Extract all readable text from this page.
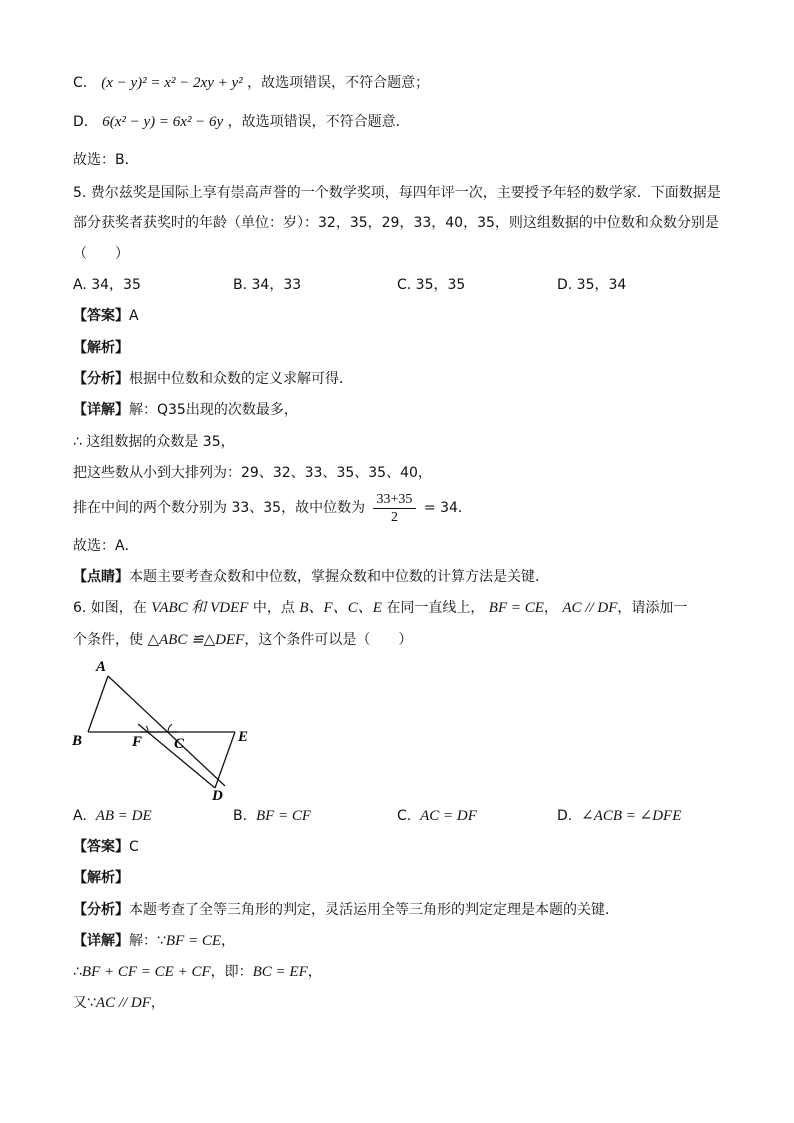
C． (x − y)² = x² − 2xy + y² ，故选项错误，不符合题意；
D． 6(x² − y) = 6x² − 6y ，故选项错误，不符合题意．
故选：B．
5. 费尔兹奖是国际上享有崇高声誉的一个数学奖项，每四年评一次，主要授予年轻的数学家．下面数据是
部分获奖者获奖时的年龄（单位：岁）：32，35，29，33，40，35，则这组数据的中位数和众数分别是
（　　）
A. 34，35	B. 34，33	C. 35，35	D. 35，34
【答案】A
【解析】
【分析】根据中位数和众数的定义求解可得．
【详解】解：Q35出现的次数最多，
∴ 这组数据的众数是 35，
把这些数从小到大排列为：29、32、33、35、35、40，
排在中间的两个数分别为 33、35，故中位数为 $\frac{33+35}{2} = 34$．
故选：A．
【点睛】本题主要考查众数和中位数，掌握众数和中位数的计算方法是关键．
6. 如图，在 VABC 和 VDEF 中，点 B、F、C、E 在同一直线上， BF = CE， AC // DF，请添加一
个条件，使 △ABC ≌△DEF，这个条件可以是（　　）
A
B	F C	E
D
A. AB = DE	B. BF = CF	C. AC = DF	D. ∠ACB = ∠DFE
【答案】C
【解析】
【分析】本题考查了全等三角形的判定，灵活运用全等三角形的判定定理是本题的关键．
【详解】解：∵BF = CE，
∴BF + CF = CE + CF，即：BC = EF，
又∵AC // DF，
